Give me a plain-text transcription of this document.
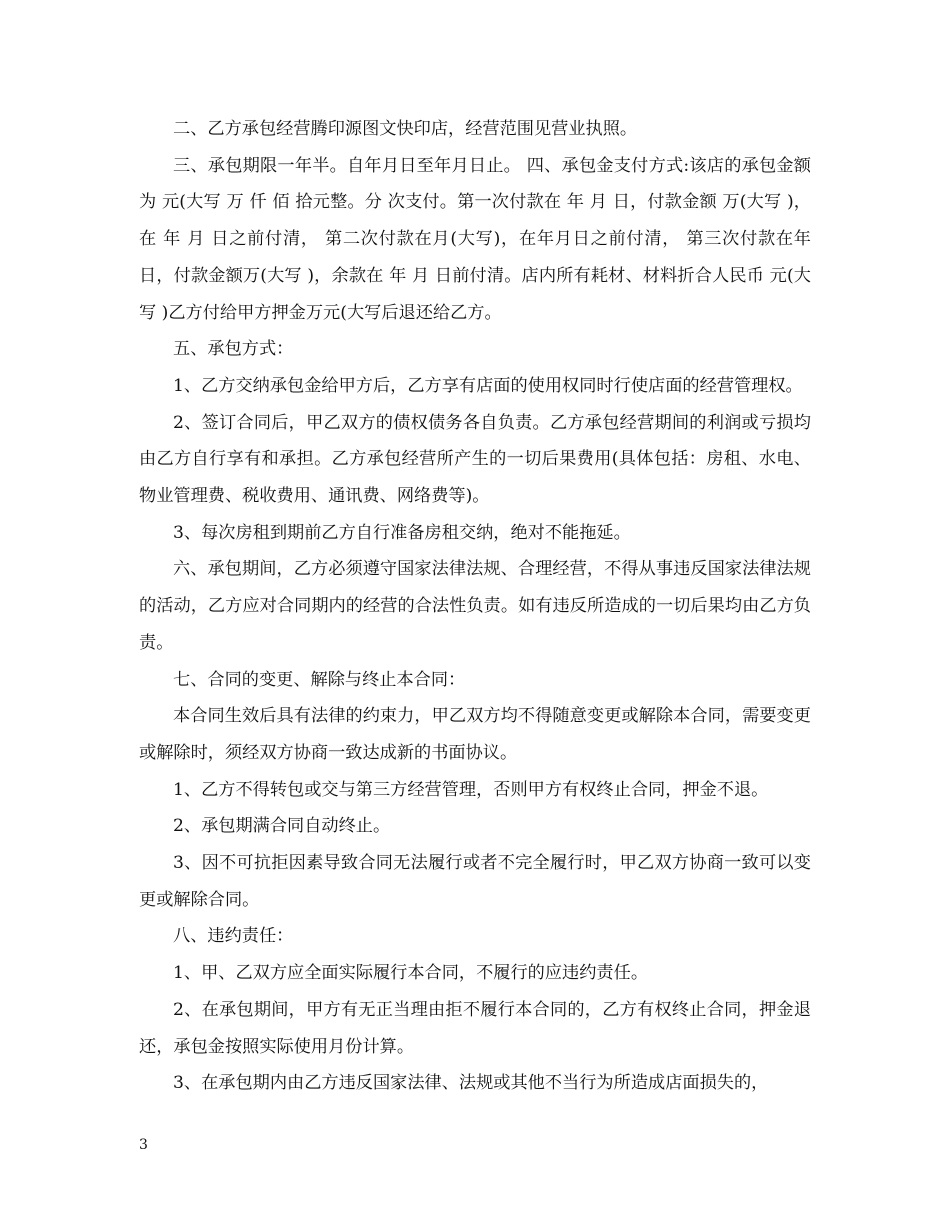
二、乙方承包经营腾印源图文快印店，经营范围见营业执照。

三、承包期限一年半。自年月日至年月日止。 四、承包金支付方式:该店的承包金额为 元(大写 万 仟 佰 拾元整。分 次支付。第一次付款在 年 月 日，付款金额 万(大写 )，在 年 月 日之前付清， 第二次付款在月(大写)，在年月日之前付清， 第三次付款在年日，付款金额万(大写 )，余款在 年 月 日前付清。店内所有耗材、材料折合人民币 元(大写 )乙方付给甲方押金万元(大写后退还给乙方。

五、承包方式：

1、乙方交纳承包金给甲方后，乙方享有店面的使用权同时行使店面的经营管理权。

2、签订合同后，甲乙双方的债权债务各自负责。乙方承包经营期间的利润或亏损均由乙方自行享有和承担。乙方承包经营所产生的一切后果费用(具体包括：房租、水电、物业管理费、税收费用、通讯费、网络费等)。

3、每次房租到期前乙方自行准备房租交纳，绝对不能拖延。

六、承包期间，乙方必须遵守国家法律法规、合理经营，不得从事违反国家法律法规的活动，乙方应对合同期内的经营的合法性负责。如有违反所造成的一切后果均由乙方负责。

七、合同的变更、解除与终止本合同：

本合同生效后具有法律的约束力，甲乙双方均不得随意变更或解除本合同，需要变更或解除时，须经双方协商一致达成新的书面协议。

1、乙方不得转包或交与第三方经营管理，否则甲方有权终止合同，押金不退。

2、承包期满合同自动终止。

3、因不可抗拒因素导致合同无法履行或者不完全履行时，甲乙双方协商一致可以变更或解除合同。

八、违约责任：

1、甲、乙双方应全面实际履行本合同，不履行的应违约责任。

2、在承包期间，甲方有无正当理由拒不履行本合同的，乙方有权终止合同，押金退还，承包金按照实际使用月份计算。

3、在承包期内由乙方违反国家法律、法规或其他不当行为所造成店面损失的，

3
